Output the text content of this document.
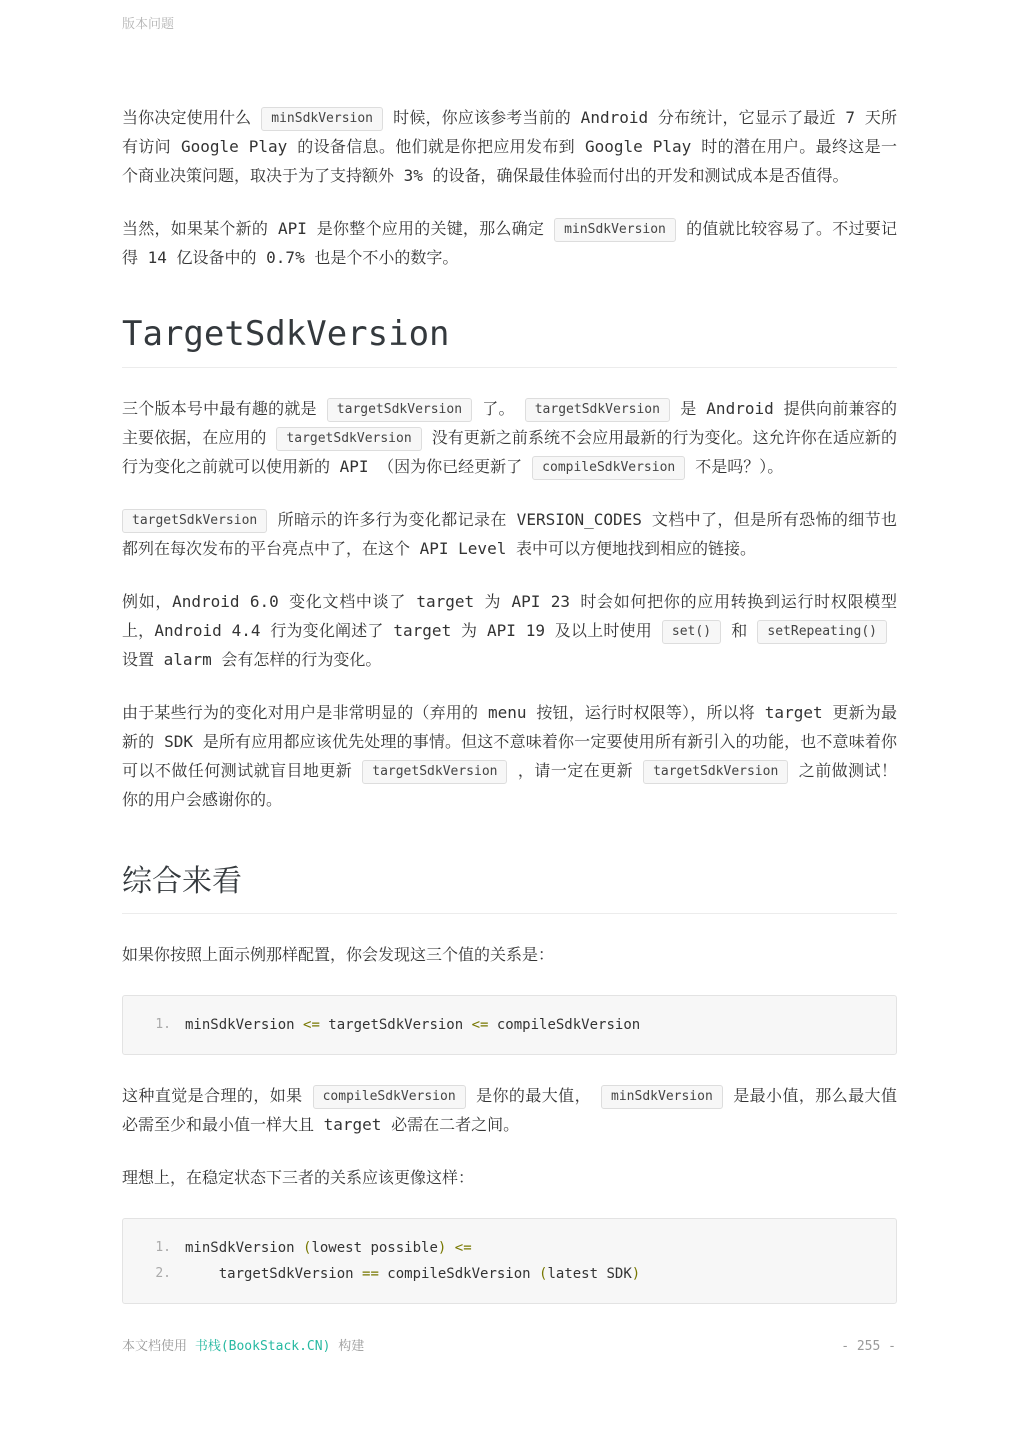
版本问题

当你决定使用什么 minSdkVersion 时候，你应该参考当前的 Android 分布统计，它显示了最近 7 天所有访问 Google Play 的设备信息。他们就是你把应用发布到 Google Play 时的潜在用户。最终这是一个商业决策问题，取决于为了支持额外 3% 的设备，确保最佳体验而付出的开发和测试成本是否值得。

当然，如果某个新的 API 是你整个应用的关键，那么确定 minSdkVersion 的值就比较容易了。不过要记得 14 亿设备中的 0.7% 也是个不小的数字。

TargetSdkVersion

三个版本号中最有趣的就是 targetSdkVersion 了。 targetSdkVersion 是 Android 提供向前兼容的主要依据，在应用的 targetSdkVersion 没有更新之前系统不会应用最新的行为变化。这允许你在适应新的行为变化之前就可以使用新的 API （因为你已经更新了 compileSdkVersion 不是吗？）。

targetSdkVersion 所暗示的许多行为变化都记录在 VERSION_CODES 文档中了，但是所有恐怖的细节也都列在每次发布的平台亮点中了，在这个 API Level 表中可以方便地找到相应的链接。

例如，Android 6.0 变化文档中谈了 target 为 API 23 时会如何把你的应用转换到运行时权限模型上，Android 4.4 行为变化阐述了 target 为 API 19 及以上时使用 set() 和 setRepeating()设置 alarm 会有怎样的行为变化。

由于某些行为的变化对用户是非常明显的（弃用的 menu 按钮，运行时权限等），所以将 target 更新为最新的 SDK 是所有应用都应该优先处理的事情。但这不意味着你一定要使用所有新引入的功能，也不意味着你可以不做任何测试就盲目地更新 targetSdkVersion ，请一定在更新 targetSdkVersion 之前做测试！你的用户会感谢你的。

综合来看

如果你按照上面示例那样配置，你会发现这三个值的关系是：

1.	minSdkVersion <= targetSdkVersion <= compileSdkVersion

这种直觉是合理的，如果 compileSdkVersion 是你的最大值， minSdkVersion 是最小值，那么最大值必需至少和最小值一样大且 target 必需在二者之间。

理想上，在稳定状态下三者的关系应该更像这样：

1.	minSdkVersion (lowest possible) <=
2.	targetSdkVersion == compileSdkVersion (latest SDK)
本文档使用 书栈(BookStack.CN) 构建	- 255 -
